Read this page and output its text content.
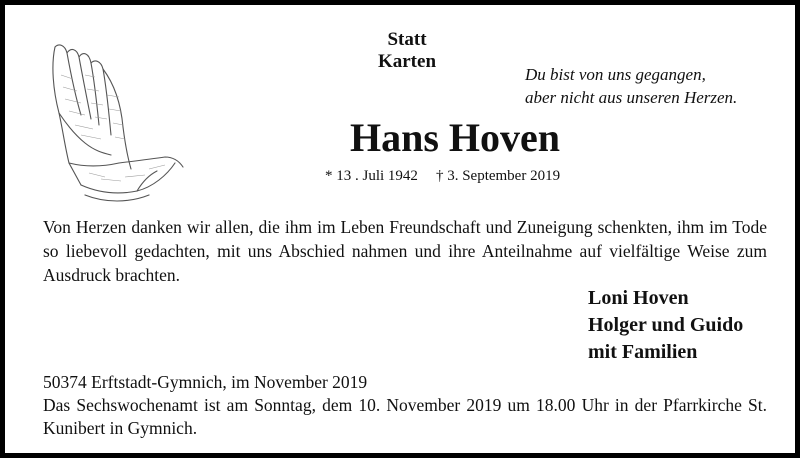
Statt Karten
Du bist von uns gegangen,
aber nicht aus unseren Herzen.
Hans Hoven
* 13 . Juli 1942 † 3. September 2019
Von Herzen danken wir allen, die ihm im Leben Freundschaft und Zuneigung schenkten, ihm im Tode so liebevoll gedachten, mit uns Abschied nahmen und ihre Anteilnahme auf vielfältige Weise zum Ausdruck brachten.
Loni Hoven
Holger und Guido
mit Familien
50374 Erftstadt-Gymnich, im November 2019
Das Sechswochenamt ist am Sonntag, dem 10. November 2019 um 18.00 Uhr in der Pfarrkirche St. Kunibert in Gymnich.
